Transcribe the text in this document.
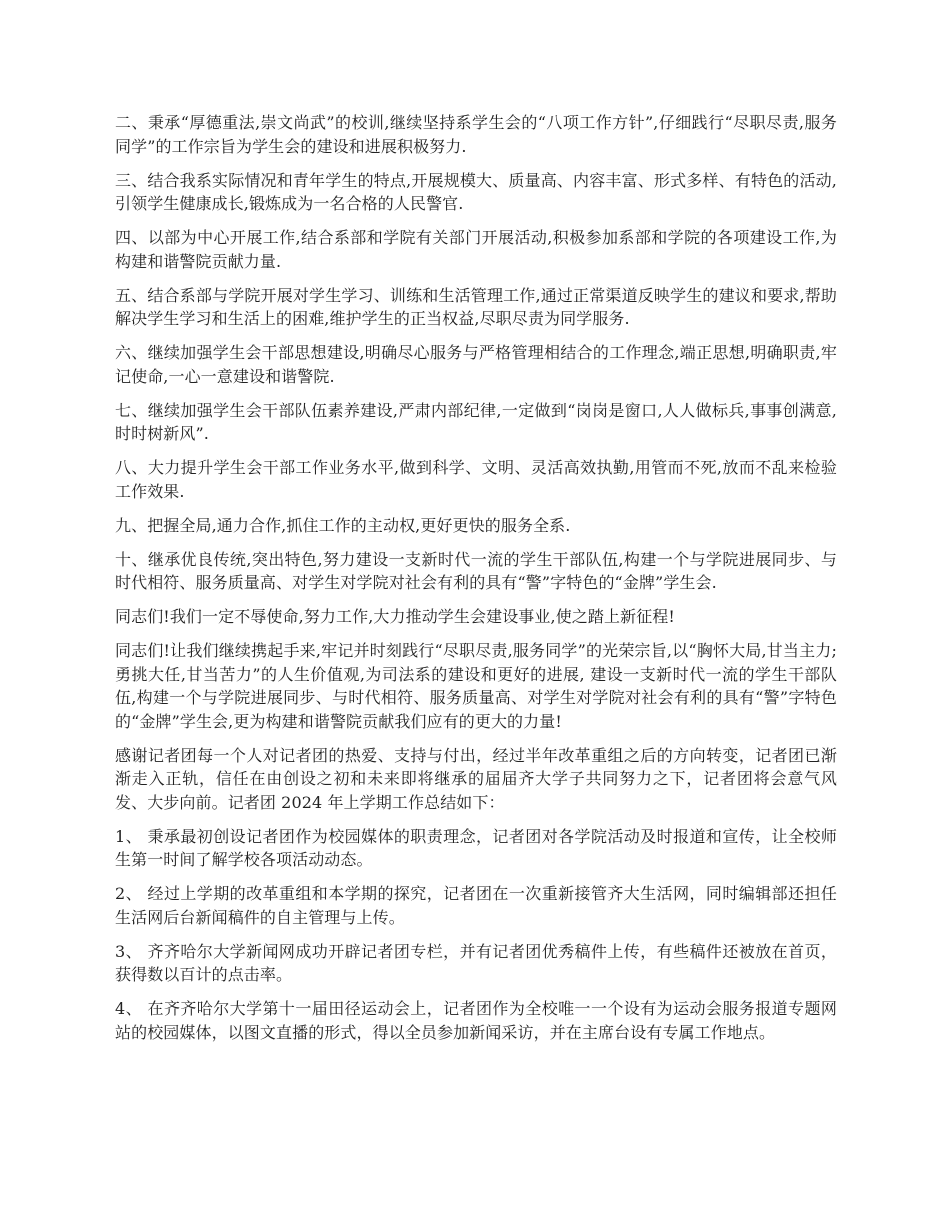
二、秉承“厚德重法,崇文尚武”的校训,继续坚持系学生会的“八项工作方针”,仔细践行“尽职尽责,服务同学”的工作宗旨为学生会的建设和进展积极努力.

三、结合我系实际情况和青年学生的特点,开展规模大、质量高、内容丰富、形式多样、有特色的活动,引领学生健康成长,锻炼成为一名合格的人民警官.

四、以部为中心开展工作,结合系部和学院有关部门开展活动,积极参加系部和学院的各项建设工作,为构建和谐警院贡献力量.

五、结合系部与学院开展对学生学习、训练和生活管理工作,通过正常渠道反映学生的建议和要求,帮助解决学生学习和生活上的困难,维护学生的正当权益,尽职尽责为同学服务.

六、继续加强学生会干部思想建设,明确尽心服务与严格管理相结合的工作理念,端正思想,明确职责,牢记使命,一心一意建设和谐警院.

七、继续加强学生会干部队伍素养建设,严肃内部纪律,一定做到“岗岗是窗口,人人做标兵,事事创满意,时时树新风”.

八、大力提升学生会干部工作业务水平,做到科学、文明、灵活高效执勤,用管而不死,放而不乱来检验工作效果.

九、把握全局,通力合作,抓住工作的主动权,更好更快的服务全系.

十、继承优良传统,突出特色,努力建设一支新时代一流的学生干部队伍,构建一个与学院进展同步、与时代相符、服务质量高、对学生对学院对社会有利的具有“警”字特色的“金牌”学生会.

同志们!我们一定不辱使命,努力工作,大力推动学生会建设事业,使之踏上新征程!

同志们!让我们继续携起手来,牢记并时刻践行“尽职尽责,服务同学”的光荣宗旨,以“胸怀大局,甘当主力;勇挑大任,甘当苦力”的人生价值观,为司法系的建设和更好的进展, 建设一支新时代一流的学生干部队伍,构建一个与学院进展同步、与时代相符、服务质量高、对学生对学院对社会有利的具有“警”字特色的“金牌”学生会,更为构建和谐警院贡献我们应有的更大的力量!

感谢记者团每一个人对记者团的热爱、支持与付出，经过半年改革重组之后的方向转变，记者团已渐渐走入正轨，信任在由创设之初和未来即将继承的届届齐大学子共同努力之下，记者团将会意气风发、大步向前。记者团 2024 年上学期工作总结如下：

1、 秉承最初创设记者团作为校园媒体的职责理念，记者团对各学院活动及时报道和宣传，让全校师生第一时间了解学校各项活动动态。

2、 经过上学期的改革重组和本学期的探究，记者团在一次重新接管齐大生活网，同时编辑部还担任生活网后台新闻稿件的自主管理与上传。

3、 齐齐哈尔大学新闻网成功开辟记者团专栏，并有记者团优秀稿件上传，有些稿件还被放在首页，获得数以百计的点击率。

4、 在齐齐哈尔大学第十一届田径运动会上，记者团作为全校唯一一个设有为运动会服务报道专题网站的校园媒体，以图文直播的形式，得以全员参加新闻采访，并在主席台设有专属工作地点。
